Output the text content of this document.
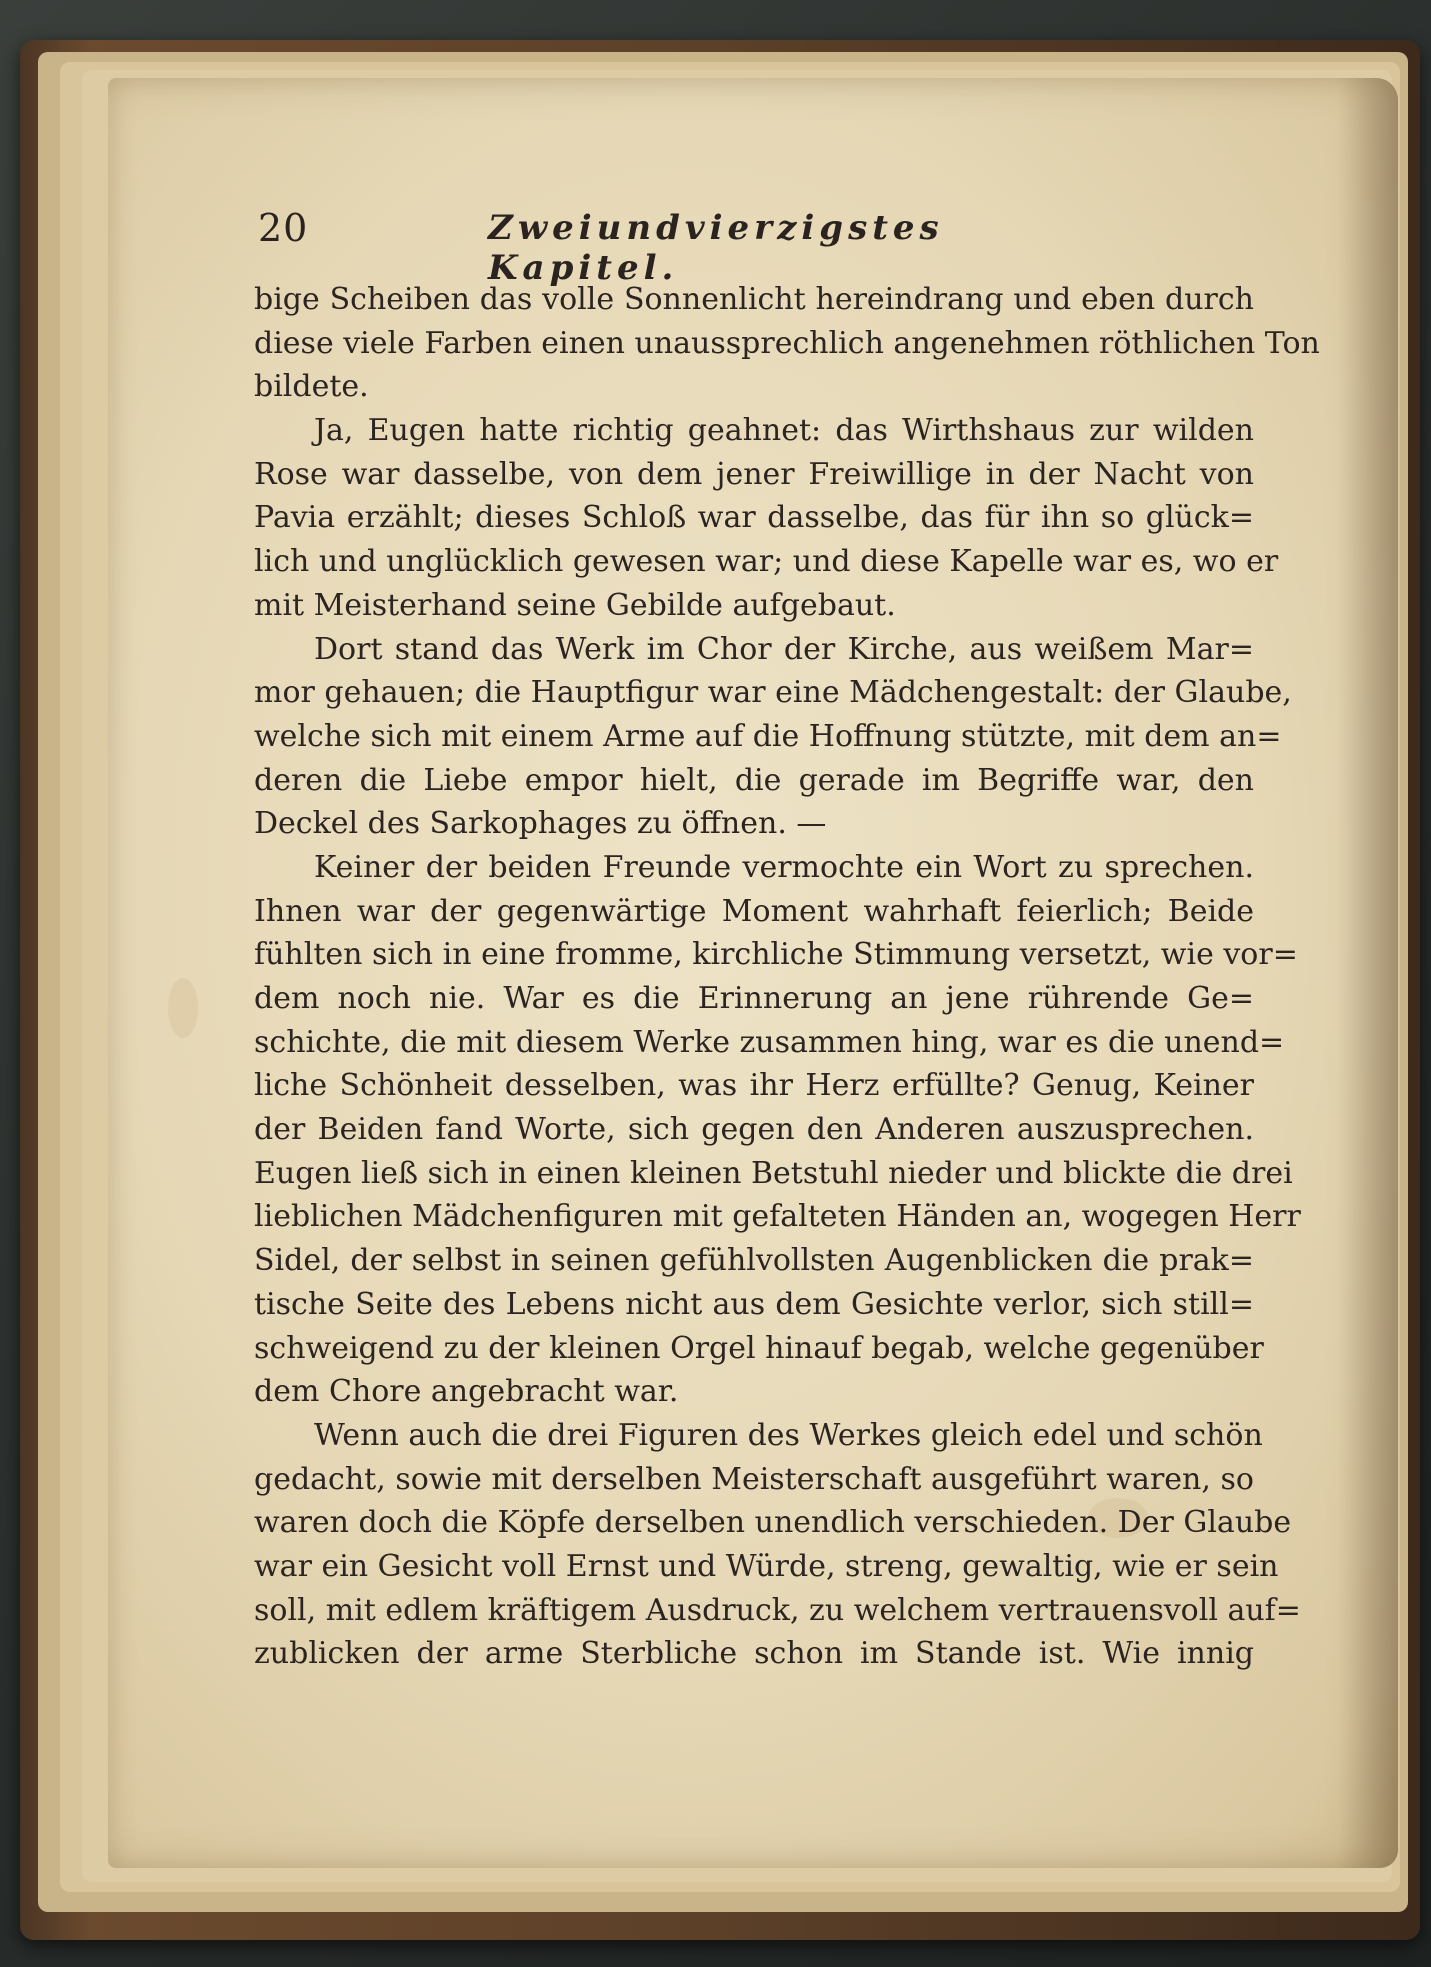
20	Zweiundvierzigstes Kapitel.

bige Scheiben das volle Sonnenlicht hereindrang und eben durch
diese viele Farben einen unaussprechlich angenehmen röthlichen Ton
bildete.

Ja, Eugen hatte richtig geahnet: das Wirthshaus zur wilden
Rose war dasselbe, von dem jener Freiwillige in der Nacht von
Pavia erzählt; dieses Schloß war dasselbe, das für ihn so glück=
lich und unglücklich gewesen war; und diese Kapelle war es, wo er
mit Meisterhand seine Gebilde aufgebaut.

Dort stand das Werk im Chor der Kirche, aus weißem Mar=
mor gehauen; die Hauptfigur war eine Mädchengestalt: der Glaube,
welche sich mit einem Arme auf die Hoffnung stützte, mit dem an=
deren die Liebe empor hielt, die gerade im Begriffe war, den
Deckel des Sarkophages zu öffnen. —

Keiner der beiden Freunde vermochte ein Wort zu sprechen.
Ihnen war der gegenwärtige Moment wahrhaft feierlich; Beide
fühlten sich in eine fromme, kirchliche Stimmung versetzt, wie vor=
dem noch nie. War es die Erinnerung an jene rührende Ge=
schichte, die mit diesem Werke zusammen hing, war es die unend=
liche Schönheit desselben, was ihr Herz erfüllte? Genug, Keiner
der Beiden fand Worte, sich gegen den Anderen auszusprechen.
Eugen ließ sich in einen kleinen Betstuhl nieder und blickte die drei
lieblichen Mädchenfiguren mit gefalteten Händen an, wogegen Herr
Sidel, der selbst in seinen gefühlvollsten Augenblicken die prak=
tische Seite des Lebens nicht aus dem Gesichte verlor, sich still=
schweigend zu der kleinen Orgel hinauf begab, welche gegenüber
dem Chore angebracht war.

Wenn auch die drei Figuren des Werkes gleich edel und schön
gedacht, sowie mit derselben Meisterschaft ausgeführt waren, so
waren doch die Köpfe derselben unendlich verschieden. Der Glaube
war ein Gesicht voll Ernst und Würde, streng, gewaltig, wie er sein
soll, mit edlem kräftigem Ausdruck, zu welchem vertrauensvoll auf=
zublicken der arme Sterbliche schon im Stande ist. Wie innig
